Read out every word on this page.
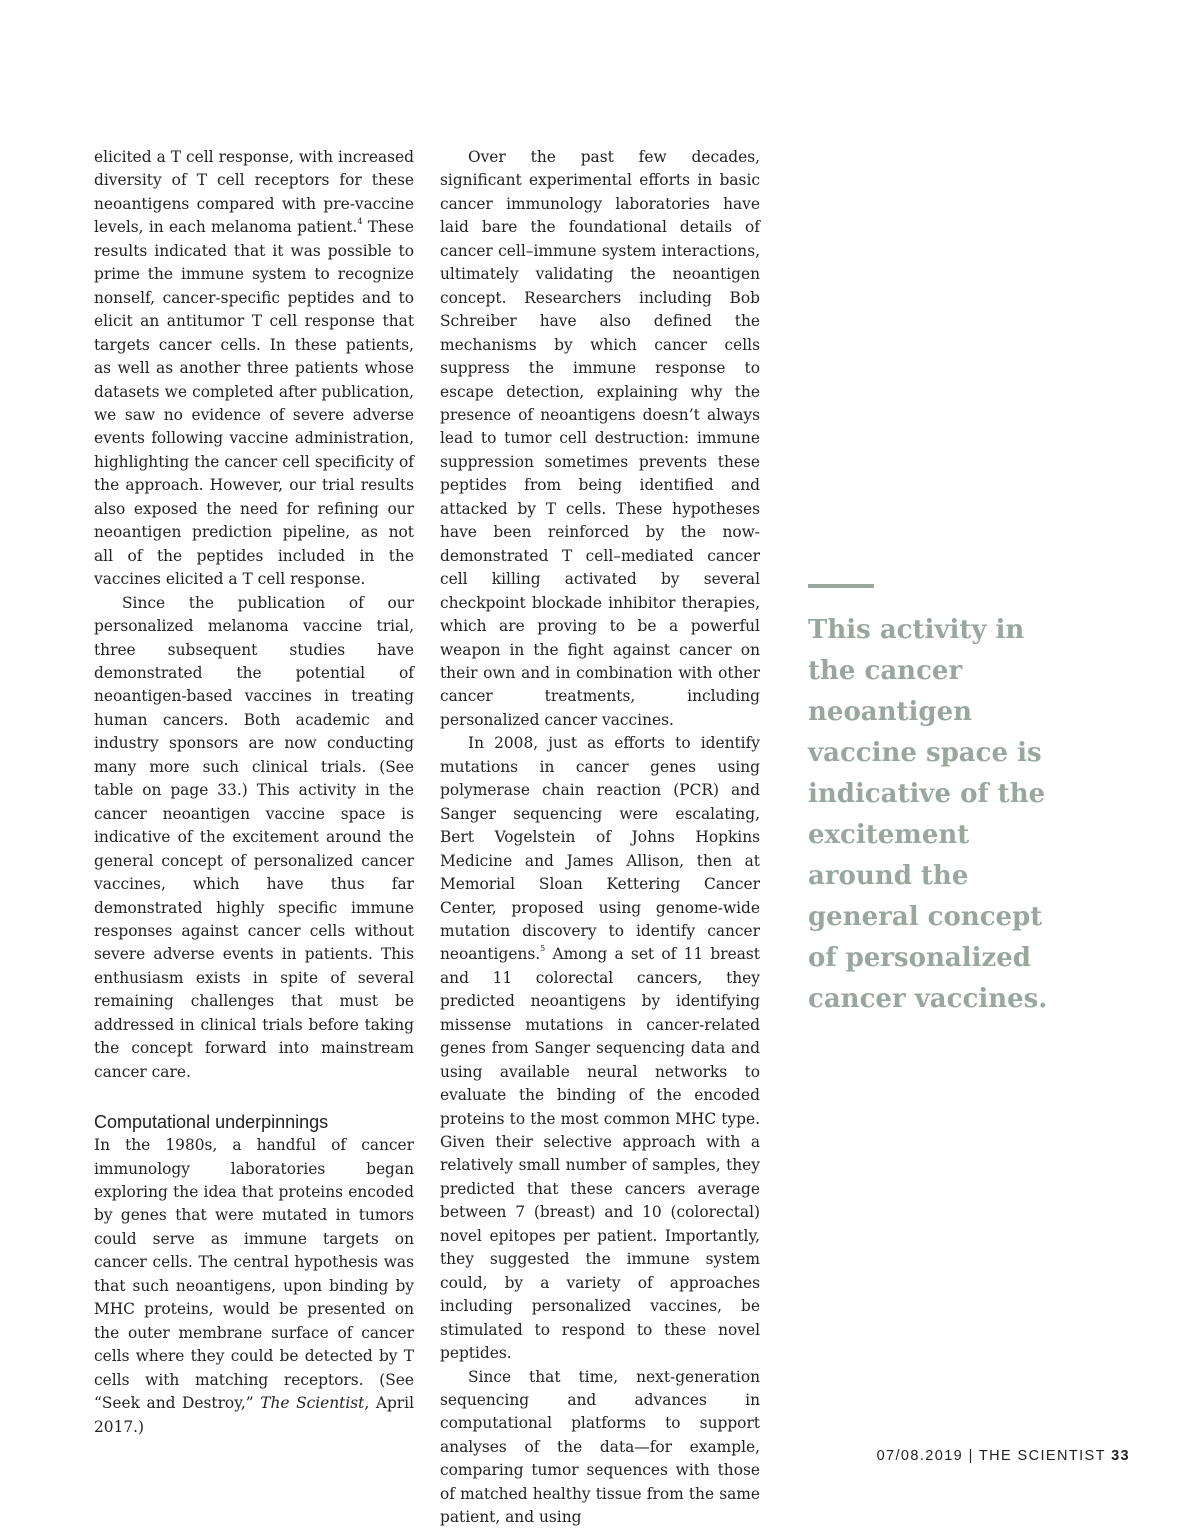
elicited a T cell response, with increased diversity of T cell receptors for these neoantigens compared with pre-vaccine levels, in each melanoma patient.$^4$ These results indicated that it was possible to prime the immune system to recognize nonself, cancer-specific peptides and to elicit an antitumor T cell response that targets cancer cells. In these patients, as well as another three patients whose datasets we completed after publication, we saw no evidence of severe adverse events following vaccine administration, highlighting the cancer cell specificity of the approach. However, our trial results also exposed the need for refining our neoantigen prediction pipeline, as not all of the peptides included in the vaccines elicited a T cell response.

Since the publication of our personalized melanoma vaccine trial, three subsequent studies have demonstrated the potential of neoantigen-based vaccines in treating human cancers. Both academic and industry sponsors are now conducting many more such clinical trials. (See table on page 33.) This activity in the cancer neoantigen vaccine space is indicative of the excitement around the general concept of personalized cancer vaccines, which have thus far demonstrated highly specific immune responses against cancer cells without severe adverse events in patients. This enthusiasm exists in spite of several remaining challenges that must be addressed in clinical trials before taking the concept forward into mainstream cancer care.

Computational underpinnings

In the 1980s, a handful of cancer immunology laboratories began exploring the idea that proteins encoded by genes that were mutated in tumors could serve as immune targets on cancer cells. The central hypothesis was that such neoantigens, upon binding by MHC proteins, would be presented on the outer membrane surface of cancer cells where they could be detected by T cells with matching receptors. (See “Seek and Destroy,” The Scientist, April 2017.)

Over the past few decades, significant experimental efforts in basic cancer immunology laboratories have laid bare the foundational details of cancer cell–immune system interactions, ultimately validating the neoantigen concept. Researchers including Bob Schreiber have also defined the mechanisms by which cancer cells suppress the immune response to escape detection, explaining why the presence of neoantigens doesn’t always lead to tumor cell destruction: immune suppression sometimes prevents these peptides from being identified and attacked by T cells. These hypotheses have been reinforced by the now-demonstrated T cell–mediated cancer cell killing activated by several checkpoint blockade inhibitor therapies, which are proving to be a powerful weapon in the fight against cancer on their own and in combination with other cancer treatments, including personalized cancer vaccines.

In 2008, just as efforts to identify mutations in cancer genes using polymerase chain reaction (PCR) and Sanger sequencing were escalating, Bert Vogelstein of Johns Hopkins Medicine and James Allison, then at Memorial Sloan Kettering Cancer Center, proposed using genome-wide mutation discovery to identify cancer neoantigens.$^5$ Among a set of 11 breast and 11 colorectal cancers, they predicted neoantigens by identifying missense mutations in cancer-related genes from Sanger sequencing data and using available neural networks to evaluate the binding of the encoded proteins to the most common MHC type. Given their selective approach with a relatively small number of samples, they predicted that these cancers average between 7 (breast) and 10 (colorectal) novel epitopes per patient. Importantly, they suggested the immune system could, by a variety of approaches including personalized vaccines, be stimulated to respond to these novel peptides.

Since that time, next-generation sequencing and advances in computational platforms to support analyses of the data—for example, comparing tumor sequences with those of matched healthy tissue from the same patient, and using

This activity in the cancer neoantigen vaccine space is indicative of the excitement around the general concept of personalized cancer vaccines.
07/08.2019 | THE SCIENTIST 33
